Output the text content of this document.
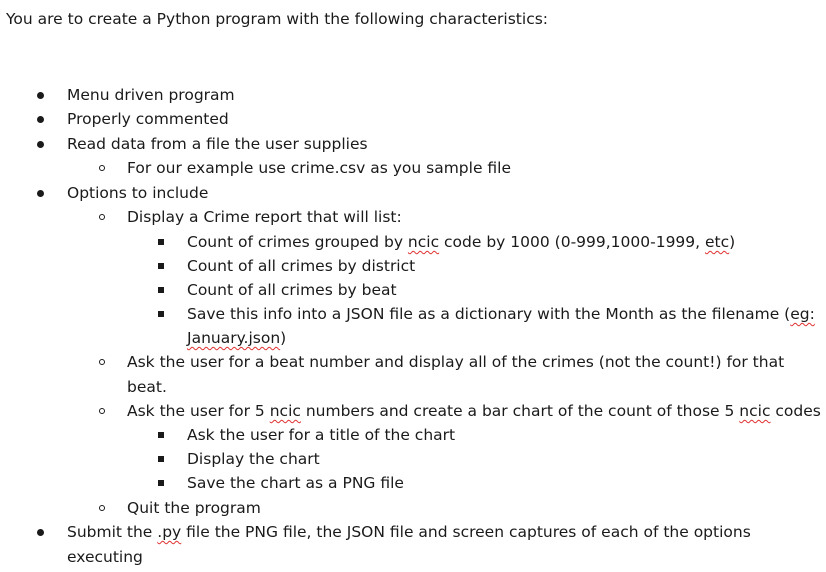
You are to create a Python program with the following characteristics:
Menu driven program
Properly commented
Read data from a file the user supplies
For our example use crime.csv as you sample file
Options to include
Display a Crime report that will list:
Count of crimes grouped by ncic code by 1000 (0-999,1000-1999, etc)
Count of all crimes by district
Count of all crimes by beat
Save this info into a JSON file as a dictionary with the Month as the filename (eg:
January.json)
Ask the user for a beat number and display all of the crimes (not the count!) for that
beat.
Ask the user for 5 ncic numbers and create a bar chart of the count of those 5 ncic codes
Ask the user for a title of the chart
Display the chart
Save the chart as a PNG file
Quit the program
Submit the .py file the PNG file, the JSON file and screen captures of each of the options
executing
